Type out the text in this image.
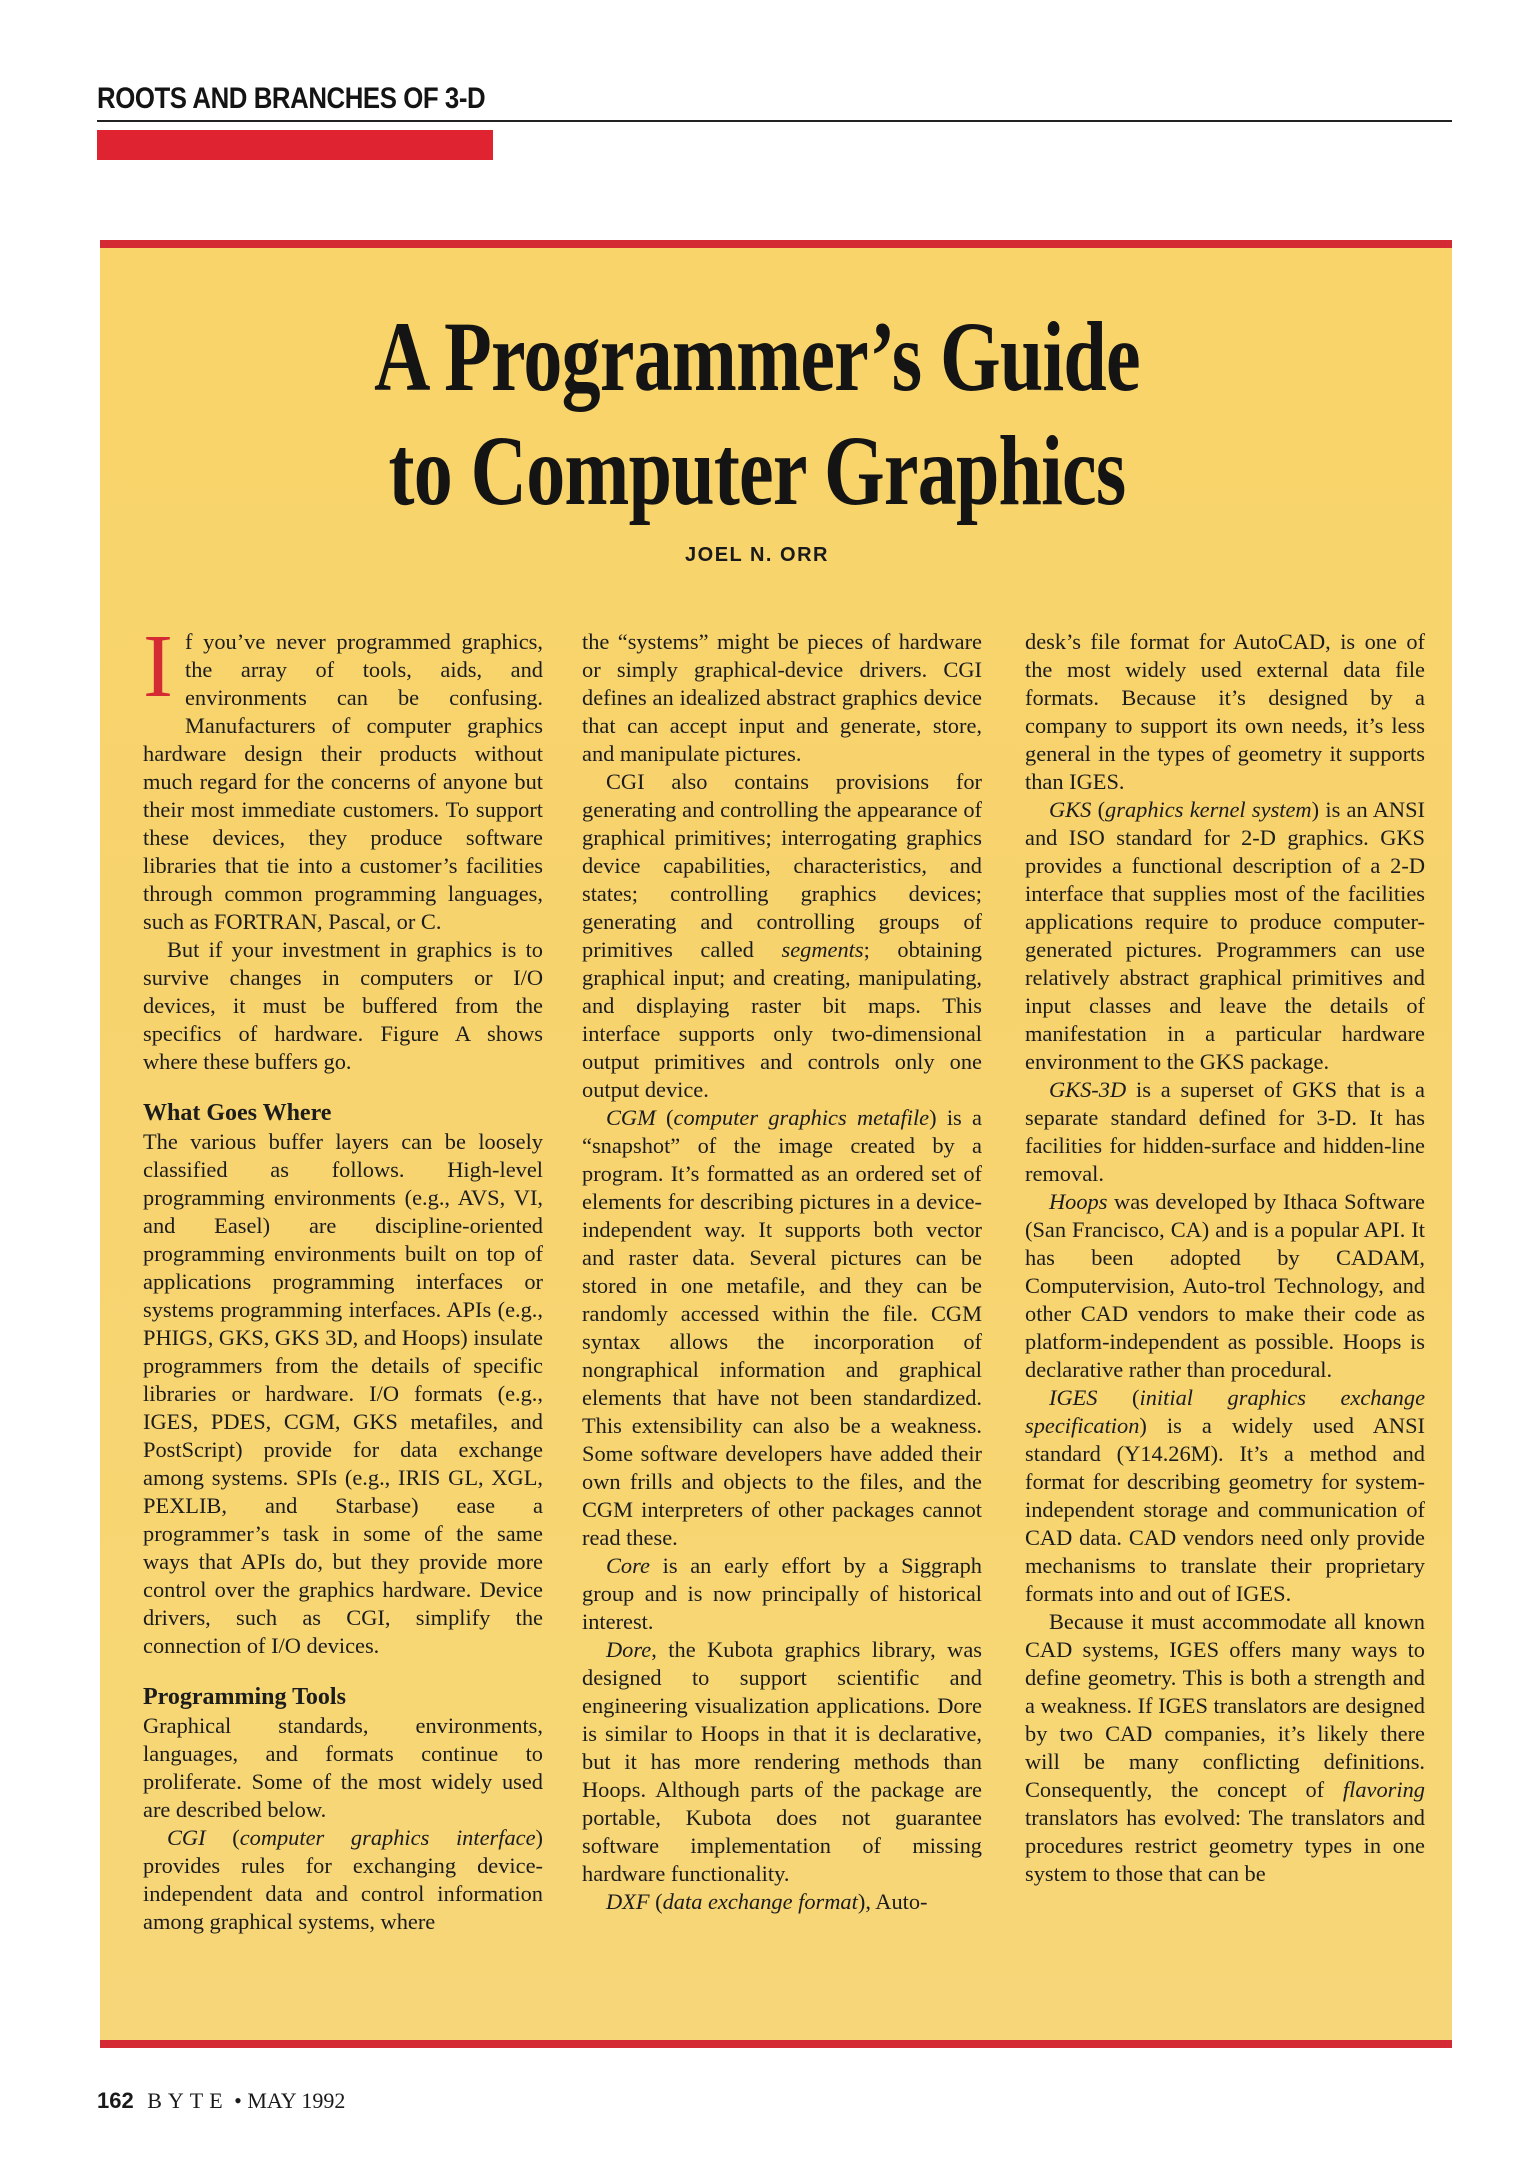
ROOTS AND BRANCHES OF 3-D
A Programmer’s Guide
to Computer Graphics
JOEL N. ORR

If you’ve never programmed graphics, the array of tools, aids, and environments can be confusing. Manufacturers of computer graphics hardware design their products without much regard for the concerns of anyone but their most immediate customers. To support these devices, they produce software libraries that tie into a customer’s facilities through common programming languages, such as FORTRAN, Pascal, or C.

But if your investment in graphics is to survive changes in computers or I/O devices, it must be buffered from the specifics of hardware. Figure A shows where these buffers go.

What Goes Where

The various buffer layers can be loosely classified as follows. High-level programming environments (e.g., AVS, VI, and Easel) are discipline-oriented programming environments built on top of applications programming interfaces or systems programming interfaces. APIs (e.g., PHIGS, GKS, GKS 3D, and Hoops) insulate programmers from the details of specific libraries or hardware. I/O formats (e.g., IGES, PDES, CGM, GKS metafiles, and PostScript) provide for data exchange among systems. SPIs (e.g., IRIS GL, XGL, PEXLIB, and Starbase) ease a programmer’s task in some of the same ways that APIs do, but they provide more control over the graphics hardware. Device drivers, such as CGI, simplify the connection of I/O devices.

Programming Tools

Graphical standards, environments, languages, and formats continue to proliferate. Some of the most widely used are described below.

CGI (computer graphics interface) provides rules for exchanging device-independent data and control information among graphical systems, where

the “systems” might be pieces of hardware or simply graphical-device drivers. CGI defines an idealized abstract graphics device that can accept input and generate, store, and manipulate pictures.

CGI also contains provisions for generating and controlling the appearance of graphical primitives; interrogating graphics device capabilities, characteristics, and states; controlling graphics devices; generating and controlling groups of primitives called segments; obtaining graphical input; and creating, manipulating, and displaying raster bit maps. This interface supports only two-dimensional output primitives and controls only one output device.

CGM (computer graphics metafile) is a “snapshot” of the image created by a program. It’s formatted as an ordered set of elements for describing pictures in a device-independent way. It supports both vector and raster data. Several pictures can be stored in one metafile, and they can be randomly accessed within the file. CGM syntax allows the incorporation of nongraphical information and graphical elements that have not been standardized. This extensibility can also be a weakness. Some software developers have added their own frills and objects to the files, and the CGM interpreters of other packages cannot read these.

Core is an early effort by a Siggraph group and is now principally of historical interest.

Dore, the Kubota graphics library, was designed to support scientific and engineering visualization applications. Dore is similar to Hoops in that it is declarative, but it has more rendering methods than Hoops. Although parts of the package are portable, Kubota does not guarantee software implementation of missing hardware functionality.

DXF (data exchange format), Auto-

desk’s file format for AutoCAD, is one of the most widely used external data file formats. Because it’s designed by a company to support its own needs, it’s less general in the types of geometry it supports than IGES.

GKS (graphics kernel system) is an ANSI and ISO standard for 2-D graphics. GKS provides a functional description of a 2-D interface that supplies most of the facilities applications require to produce computer-generated pictures. Programmers can use relatively abstract graphical primitives and input classes and leave the details of manifestation in a particular hardware environment to the GKS package.

GKS-3D is a superset of GKS that is a separate standard defined for 3-D. It has facilities for hidden-surface and hidden-line removal.

Hoops was developed by Ithaca Software (San Francisco, CA) and is a popular API. It has been adopted by CADAM, Computervision, Auto-trol Technology, and other CAD vendors to make their code as platform-independent as possible. Hoops is declarative rather than procedural.

IGES (initial graphics exchange specification) is a widely used ANSI standard (Y14.26M). It’s a method and format for describing geometry for system-independent storage and communication of CAD data. CAD vendors need only provide mechanisms to translate their proprietary formats into and out of IGES.

Because it must accommodate all known CAD systems, IGES offers many ways to define geometry. This is both a strength and a weakness. If IGES translators are designed by two CAD companies, it’s likely there will be many conflicting definitions. Consequently, the concept of flavoring translators has evolved: The translators and procedures restrict geometry types in one system to those that can be

162 BYTE • MAY 1992
